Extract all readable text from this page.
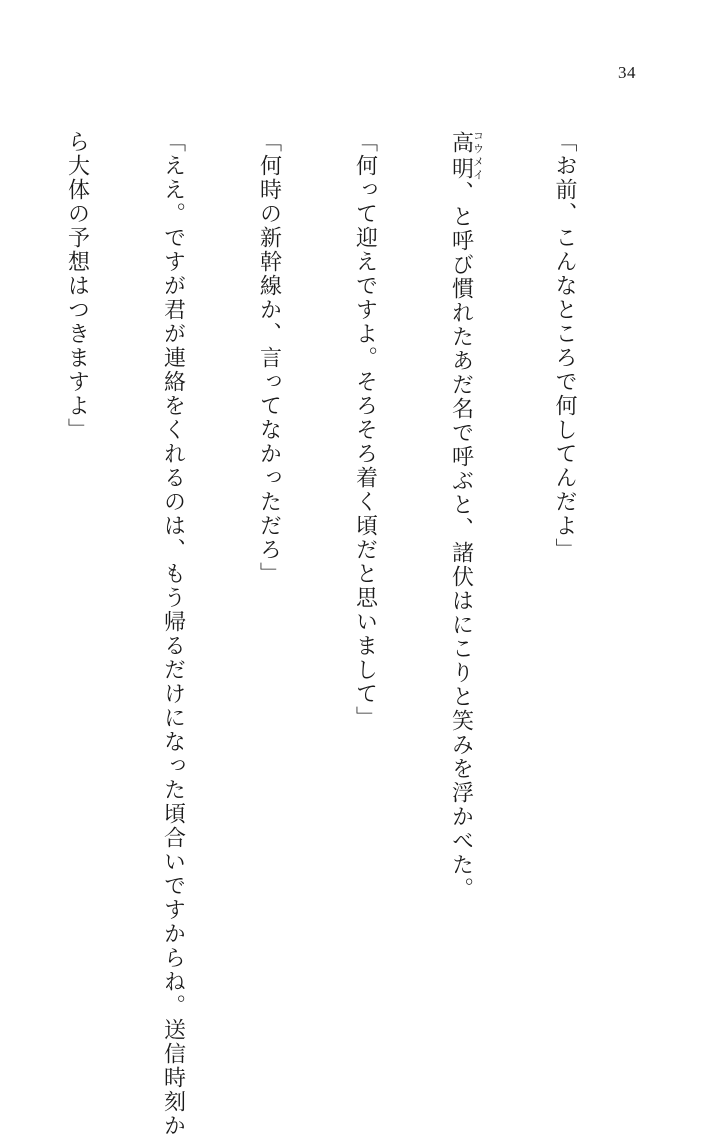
34

「お前、こんなところで何してんだよ」

高明コウメイ、と呼び慣れたあだ名で呼ぶと、諸伏はにこりと笑みを浮かべた。

「何って迎えですよ。そろそろ着く頃だと思いまして」

「何時の新幹線か、言ってなかっただろ」

「ええ。ですが君が連絡をくれるのは、もう帰るだけになった頃合いですからね。送信時刻か

ら大体の予想はつきますよ」
